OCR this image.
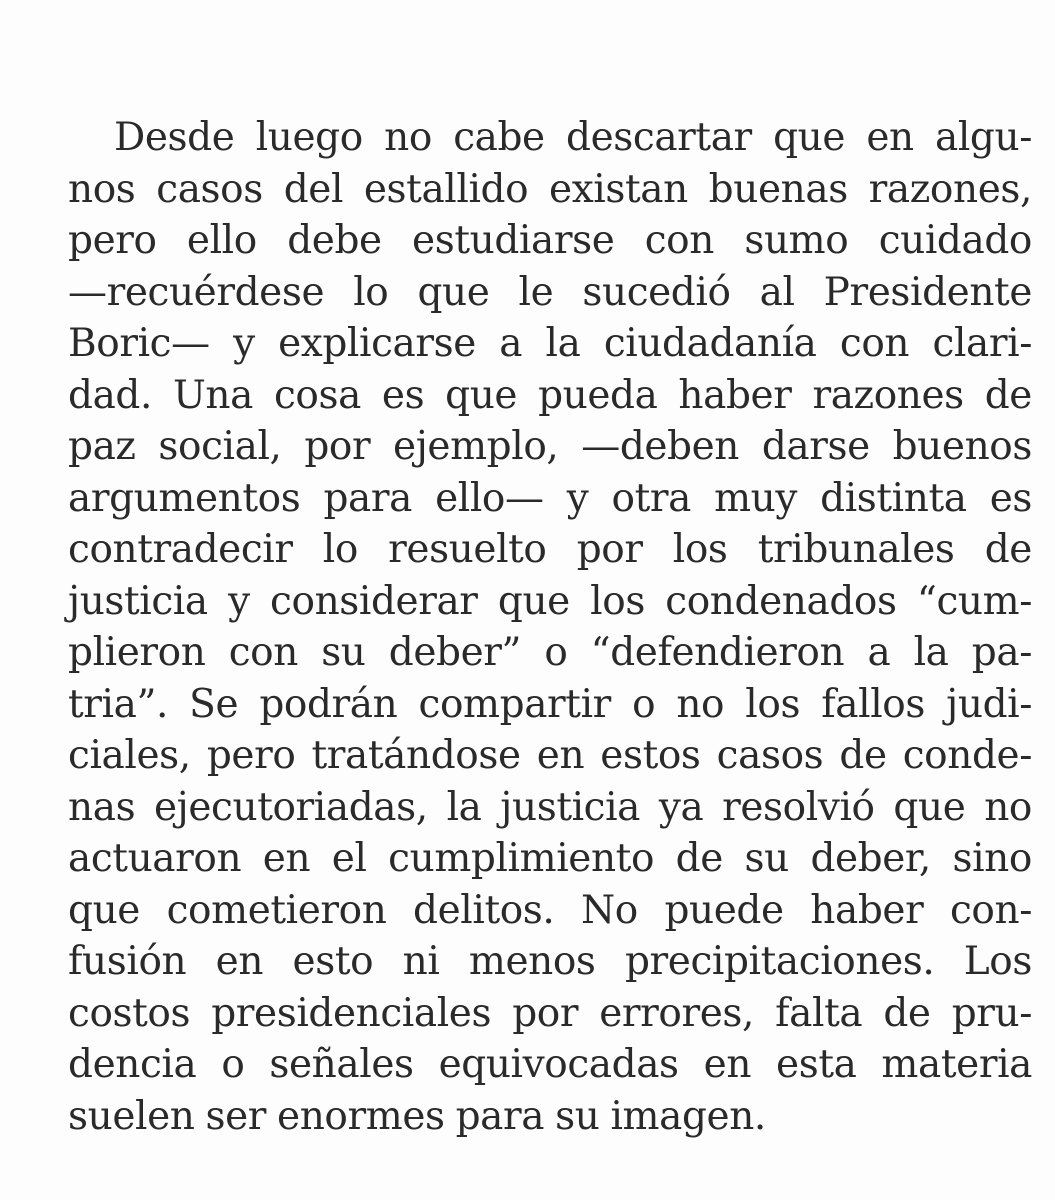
Desde luego no cabe descartar que en algu-
nos casos del estallido existan buenas razones,
pero ello debe estudiarse con sumo cuidado
—recuérdese lo que le sucedió al Presidente
Boric— y explicarse a la ciudadanía con clari-
dad. Una cosa es que pueda haber razones de
paz social, por ejemplo, —deben darse buenos
argumentos para ello— y otra muy distinta es
contradecir lo resuelto por los tribunales de
justicia y considerar que los condenados “cum-
plieron con su deber” o “defendieron a la pa-
tria”. Se podrán compartir o no los fallos judi-
ciales, pero tratándose en estos casos de conde-
nas ejecutoriadas, la justicia ya resolvió que no
actuaron en el cumplimiento de su deber, sino
que cometieron delitos. No puede haber con-
fusión en esto ni menos precipitaciones. Los
costos presidenciales por errores, falta de pru-
dencia o señales equivocadas en esta materia
suelen ser enormes para su imagen.
